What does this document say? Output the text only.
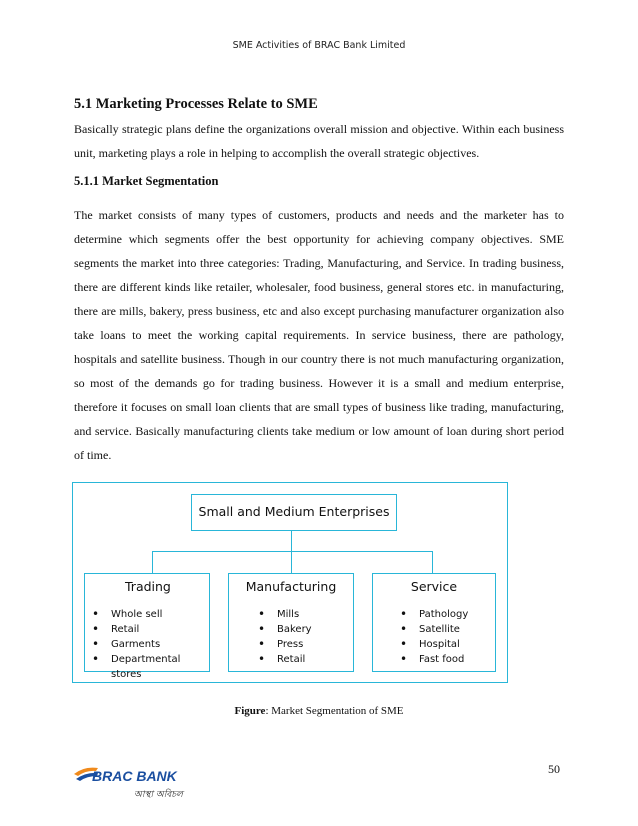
SME Activities of BRAC Bank Limited
5.1 Marketing Processes Relate to SME
Basically strategic plans define the organizations overall mission and objective. Within each business unit, marketing plays a role in helping to accomplish the overall strategic objectives.
5.1.1 Market Segmentation
The market consists of many types of customers, products and needs and the marketer has to determine which segments offer the best opportunity for achieving company objectives. SME segments the market into three categories: Trading, Manufacturing, and Service. In trading business, there are different kinds like retailer, wholesaler, food business, general stores etc. in manufacturing, there are mills, bakery, press business, etc and also except purchasing manufacturer organization also take loans to meet the working capital requirements. In service business, there are pathology, hospitals and satellite business. Though in our country there is not much manufacturing organization, so most of the demands go for trading business. However it is a small and medium enterprise, therefore it focuses on small loan clients that are small types of business like trading, manufacturing, and service. Basically manufacturing clients take medium or low amount of loan during short period of time.
Small and Medium Enterprises
Trading
• Whole sell
• Retail
• Garments
• Departmental stores
Manufacturing
• Mills
• Bakery
• Press
• Retail
Service
• Pathology
• Satellite
• Hospital
• Fast food
Figure: Market Segmentation of SME
BRAC BANK
আস্থা অবিচল
50
